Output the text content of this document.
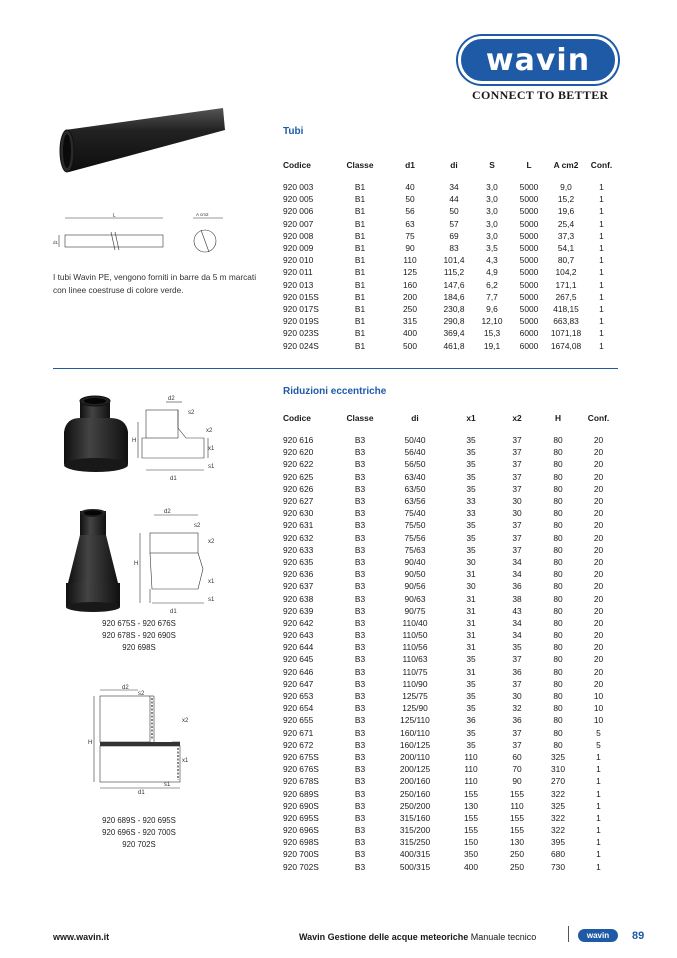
wavin
CONNECT TO BETTER
L	A cm2
d1
I tubi Wavin PE, vengono forniti in barre da 5 m marcati con linee coestruse di colore verde.
Tubi
Codice	Classe	d1	di	S	L	A cm2	Conf.

920 003	B1	40	34	3,0	5000	9,0	1
920 005	B1	50	44	3,0	5000	15,2	1
920 006	B1	56	50	3,0	5000	19,6	1
920 007	B1	63	57	3,0	5000	25,4	1
920 008	B1	75	69	3,0	5000	37,3	1
920 009	B1	90	83	3,5	5000	54,1	1
920 010	B1	110	101,4	4,3	5000	80,7	1
920 011	B1	125	115,2	4,9	5000	104,2	1
920 013	B1	160	147,6	6,2	5000	171,1	1
920 015S	B1	200	184,6	7,7	5000	267,5	1
920 017S	B1	250	230,8	9,6	5000	418,15	1
920 019S	B1	315	290,8	12,10	5000	663,83	1
920 023S	B1	400	369,4	15,3	6000	1071,18	1
920 024S	B1	500	461,8	19,1	6000	1674,08	1
Riduzioni eccentriche
Codice	Classe	di	x1	x2	H	Conf.

920 616	B3	50/40	35	37	80	20
920 620	B3	56/40	35	37	80	20
920 622	B3	56/50	35	37	80	20
920 625	B3	63/40	35	37	80	20
920 626	B3	63/50	35	37	80	20
920 627	B3	63/56	33	30	80	20
920 630	B3	75/40	33	30	80	20
920 631	B3	75/50	35	37	80	20
920 632	B3	75/56	35	37	80	20
920 633	B3	75/63	35	37	80	20
920 635	B3	90/40	30	34	80	20
920 636	B3	90/50	31	34	80	20
920 637	B3	90/56	30	36	80	20
920 638	B3	90/63	31	38	80	20
920 639	B3	90/75	31	43	80	20
920 642	B3	110/40	31	34	80	20
920 643	B3	110/50	31	34	80	20
920 644	B3	110/56	31	35	80	20
920 645	B3	110/63	35	37	80	20
920 646	B3	110/75	31	36	80	20
920 647	B3	110/90	35	37	80	20
920 653	B3	125/75	35	30	80	10
920 654	B3	125/90	35	32	80	10
920 655	B3	125/110	36	36	80	10
920 671	B3	160/110	35	37	80	5
920 672	B3	160/125	35	37	80	5
920 675S	B3	200/110	110	60	325	1
920 676S	B3	200/125	110	70	310	1
920 678S	B3	200/160	110	90	270	1
920 689S	B3	250/160	155	155	322	1
920 690S	B3	250/200	130	110	325	1
920 695S	B3	315/160	155	155	322	1
920 696S	B3	315/200	155	155	322	1
920 698S	B3	315/250	150	130	395	1
920 700S	B3	400/315	350	250	680	1
920 702S	B3	500/315	400	250	730	1
d2
s2
x2
x1
s1
H
d1
d2
s2
x2
x1
s1
H
d1
920 675S - 920 676S
920 678S - 920 690S
920 698S
d2
s2
x2
x1
s1
H
d1
920 689S - 920 695S
920 696S - 920 700S
920 702S
www.wavin.it	Wavin Gestione delle acque meteoriche Manuale tecnico	wavin	89
